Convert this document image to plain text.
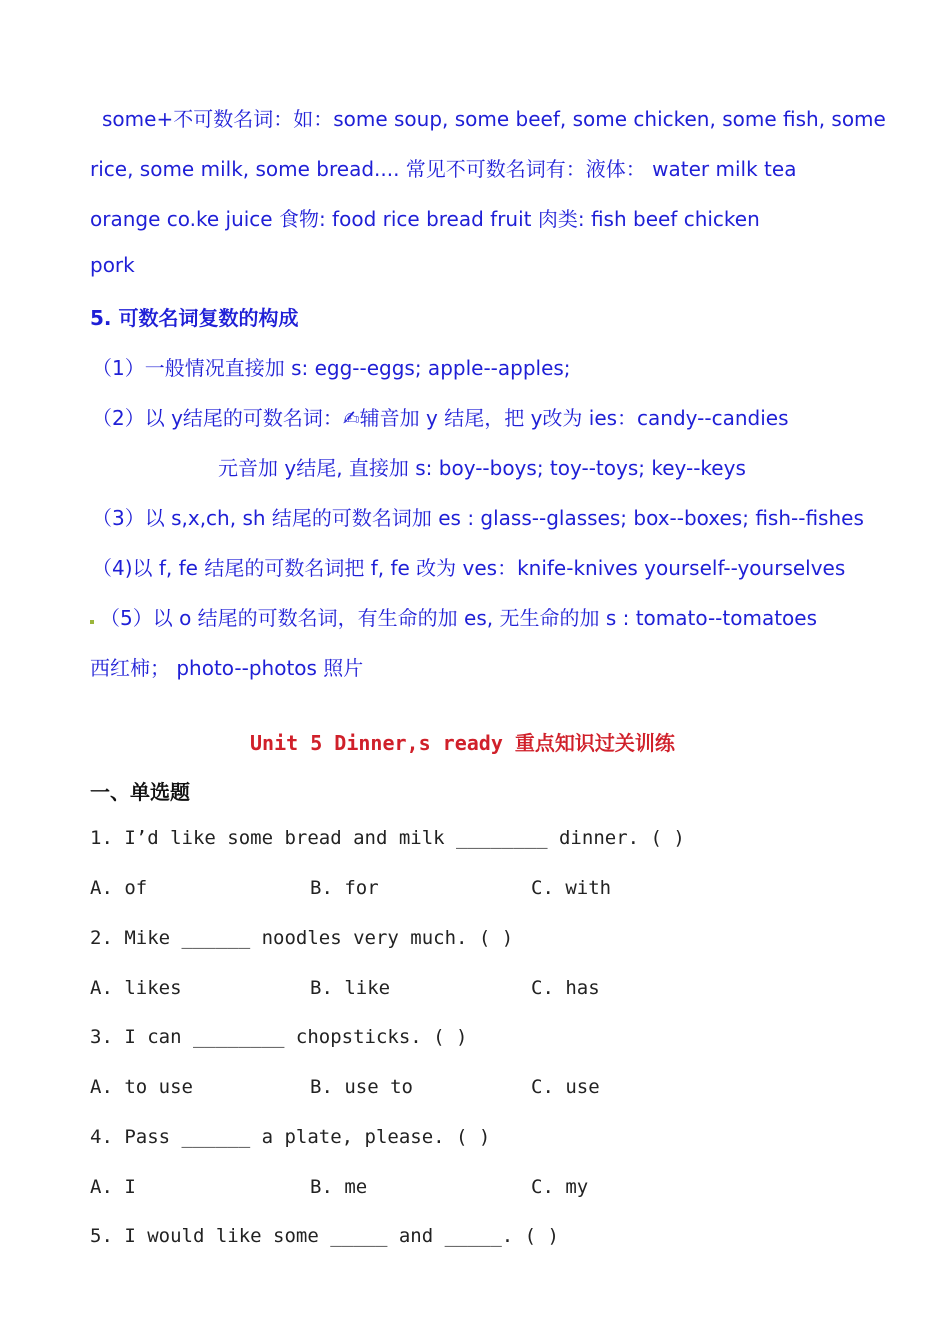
some+不可数名词：如：some soup, some beef, some chicken, some fish, some
rice, some milk, some bread.... 常见不可数名词有：液体： water milk tea
orange co.ke juice 食物: food rice bread fruit 肉类: fish beef chicken
pork
5. 可数名词复数的构成
（1）一般情况直接加 s: egg--eggs; apple--apples;
（2）以 y结尾的可数名词：✍辅音加 y 结尾，把 y改为 ies：candy--candies
元音加 y结尾, 直接加 s: boy--boys; toy--toys; key--keys
（3）以 s,x,ch, sh 结尾的可数名词加 es : glass--glasses; box--boxes; fish--fishes
（4)以 f, fe 结尾的可数名词把 f, fe 改为 ves：knife-knives yourself--yourselves
（5）以 o 结尾的可数名词，有生命的加 es, 无生命的加 s : tomato--tomatoes
西红柿； photo--photos 照片
Unit 5 Dinner,s ready 重点知识过关训练
一、单选题
1. I’d like some bread and milk ________ dinner. ( )
A. of	B. for	C. with
2. Mike ______ noodles very much. ( )
A. likes	B. like	C. has
3. I can ________ chopsticks. ( )
A. to use	B. use to	C. use
4. Pass ______ a plate, please. ( )
A. I	B. me	C. my
5. I would like some _____ and _____. ( )
